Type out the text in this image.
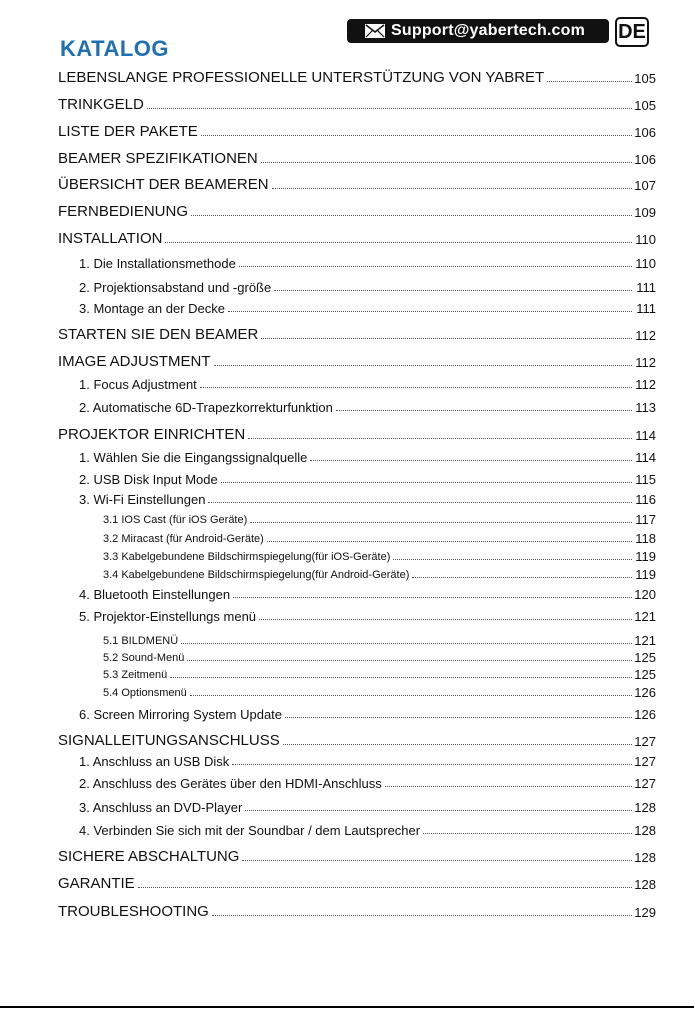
Support@yabertech.com DE
KATALOG
LEBENSLANGE PROFESSIONELLE UNTERSTÜTZUNG VON YABRET	105
TRINKGELD	105
LISTE DER PAKETE	106
BEAMER SPEZIFIKATIONEN	106
ÜBERSICHT DER BEAMEREN	107
FERNBEDIENUNG	109
INSTALLATION	110
1. Die Installationsmethode	110
2. Projektionsabstand und -größe	111
3. Montage an der Decke	111
STARTEN SIE DEN BEAMER	112
IMAGE ADJUSTMENT	112
1. Focus Adjustment	112
2. Automatische 6D-Trapezkorrekturfunktion	113
PROJEKTOR EINRICHTEN	114
1. Wählen Sie die Eingangssignalquelle	114
2. USB Disk Input Mode	115
3. Wi-Fi Einstellungen	116
3.1 IOS Cast (für iOS Geräte)	117
3.2 Miracast (für Android-Geräte)	118
3.3 Kabelgebundene Bildschirmspiegelung(für iOS-Geräte)	119
3.4 Kabelgebundene Bildschirmspiegelung(für Android-Geräte)	119
4. Bluetooth Einstellungen	120
5. Projektor-Einstellungs menü	121
5.1 BILDMENÜ	121
5.2 Sound-Menü	125
5.3 Zeitmenü	125
5.4 Optionsmenü	126
6. Screen Mirroring System Update	126
SIGNALLEITUNGSANSCHLUSS	127
1. Anschluss an USB Disk	127
2. Anschluss des Gerätes über den HDMI-Anschluss	127
3. Anschluss an DVD-Player	128
4. Verbinden Sie sich mit der Soundbar / dem Lautsprecher	128
SICHERE ABSCHALTUNG	128
GARANTIE	128
TROUBLESHOOTING	129
